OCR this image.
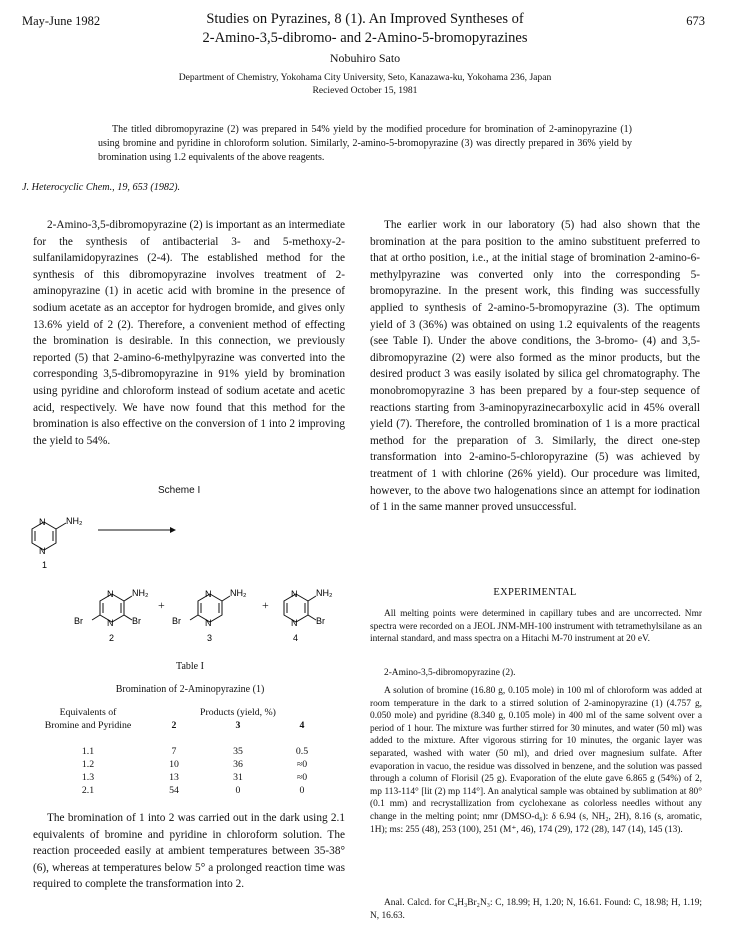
May-June 1982	673
Studies on Pyrazines, 8 (1). An Improved Syntheses of
2-Amino-3,5-dibromo- and 2-Amino-5-bromopyrazines
Nobuhiro Sato
Department of Chemistry, Yokohama City University, Seto, Kanazawa-ku, Yokohama 236, Japan
Recieved October 15, 1981
The titled dibromopyrazine (2) was prepared in 54% yield by the modified procedure for bromination of 2-aminopyrazine (1) using bromine and pyridine in chloroform solution. Similarly, 2-amino-5-bromopyrazine (3) was directly prepared in 36% yield by bromination using 1.2 equivalents of the above reagents.
J. Heterocyclic Chem., 19, 653 (1982).
2-Amino-3,5-dibromopyrazine (2) is important as an intermediate for the synthesis of antibacterial 3- and 5-methoxy-2-sulfanilamidopyrazines (2-4). The established method for the synthesis of this dibromopyrazine involves treatment of 2-aminopyrazine (1) in acetic acid with bromine in the presence of sodium acetate as an acceptor for hydrogen bromide, and gives only 13.6% yield of 2 (2). Therefore, a convenient method of effecting the bromination is desirable. In this connection, we previously reported (5) that 2-amino-6-methylpyrazine was converted into the corresponding 3,5-dibromopyrazine in 91% yield by bromination using pyridine and chloroform instead of sodium acetate and acetic acid, respectively. We have now found that this method for the bromination is also effective on the conversion of 1 into 2 improving the yield to 54%.
The bromination of 1 into 2 was carried out in the dark using 2.1 equivalents of bromine and pyridine in chloroform solution. The reaction proceeded easily at ambient temperatures between 35-38° (6), whereas at temperatures below 5° a prolonged reaction time was required to complete the transformation into 2.
Scheme I
N
N
NH₂
1
N
N
NH₂
Br	Br
2
+
N
N
NH₂
Br
3
+
N
N
NH₂
Br
4
Table I
Bromination of 2-Aminopyrazine (1)
Equivalents of	Products (yield, %)		
Bromine and Pyridine	2	3	4

1.1	7	35	0.5
1.2	10	36	≈0
1.3	13	31	≈0
2.1	54	0	0
The earlier work in our laboratory (5) had also shown that the bromination at the para position to the amino substituent preferred to that at ortho position, i.e., at the initial stage of bromination 2-amino-6-methylpyrazine was converted only into the corresponding 5-bromopyrazine. In the present work, this finding was successfully applied to synthesis of 2-amino-5-bromopyrazine (3). The optimum yield of 3 (36%) was obtained on using 1.2 equivalents of the reagents (see Table I). Under the above conditions, the 3-bromo- (4) and 3,5-dibromopyrazine (2) were also formed as the minor products, but the desired product 3 was easily isolated by silica gel chromatography. The monobromopyrazine 3 has been prepared by a four-step sequence of reactions starting from 3-aminopyrazinecarboxylic acid in 45% overall yield (7). Therefore, the controlled bromination of 1 is a more practical method for the preparation of 3. Similarly, the direct one-step transformation into 2-amino-5-chloropyrazine (5) was achieved by treatment of 1 with chlorine (26% yield). Our procedure was limited, however, to the above two halogenations since an attempt for iodination of 1 in the same manner proved unsuccessful.
EXPERIMENTAL
All melting points were determined in capillary tubes and are uncorrected. Nmr spectra were recorded on a JEOL JNM-MH-100 instrument with tetramethylsilane as an internal standard, and mass spectra on a Hitachi M-70 instrument at 20 eV.
2-Amino-3,5-dibromopyrazine (2).
A solution of bromine (16.80 g, 0.105 mole) in 100 ml of chloroform was added at room temperature in the dark to a stirred solution of 2-aminopyrazine (1) (4.757 g, 0.050 mole) and pyridine (8.340 g, 0.105 mole) in 400 ml of the same solvent over a period of 1 hour. The mixture was further stirred for 30 minutes, and water (50 ml) was added to the mixture. After vigorous stirring for 10 minutes, the organic layer was separated, washed with water (50 ml), and dried over magnesium sulfate. After evaporation in vacuo, the residue was dissolved in benzene, and the solution was passed through a column of Florisil (25 g). Evaporation of the elute gave 6.865 g (54%) of 2, mp 113-114° [lit (2) mp 114°]. An analytical sample was obtained by sublimation at 80° (0.1 mm) and recrystallization from cyclohexane as colorless needles without any change in the melting point; nmr (DMSO-d₆): δ 6.94 (s, NH₂, 2H), 8.16 (s, aromatic, 1H); ms: 255 (48), 253 (100), 251 (M⁺, 46), 174 (29), 172 (28), 147 (14), 145 (13).
Anal. Calcd. for C₄H₃Br₂N₃: C, 18.99; H, 1.20; N, 16.61. Found: C, 18.98; H, 1.19; N, 16.63.
